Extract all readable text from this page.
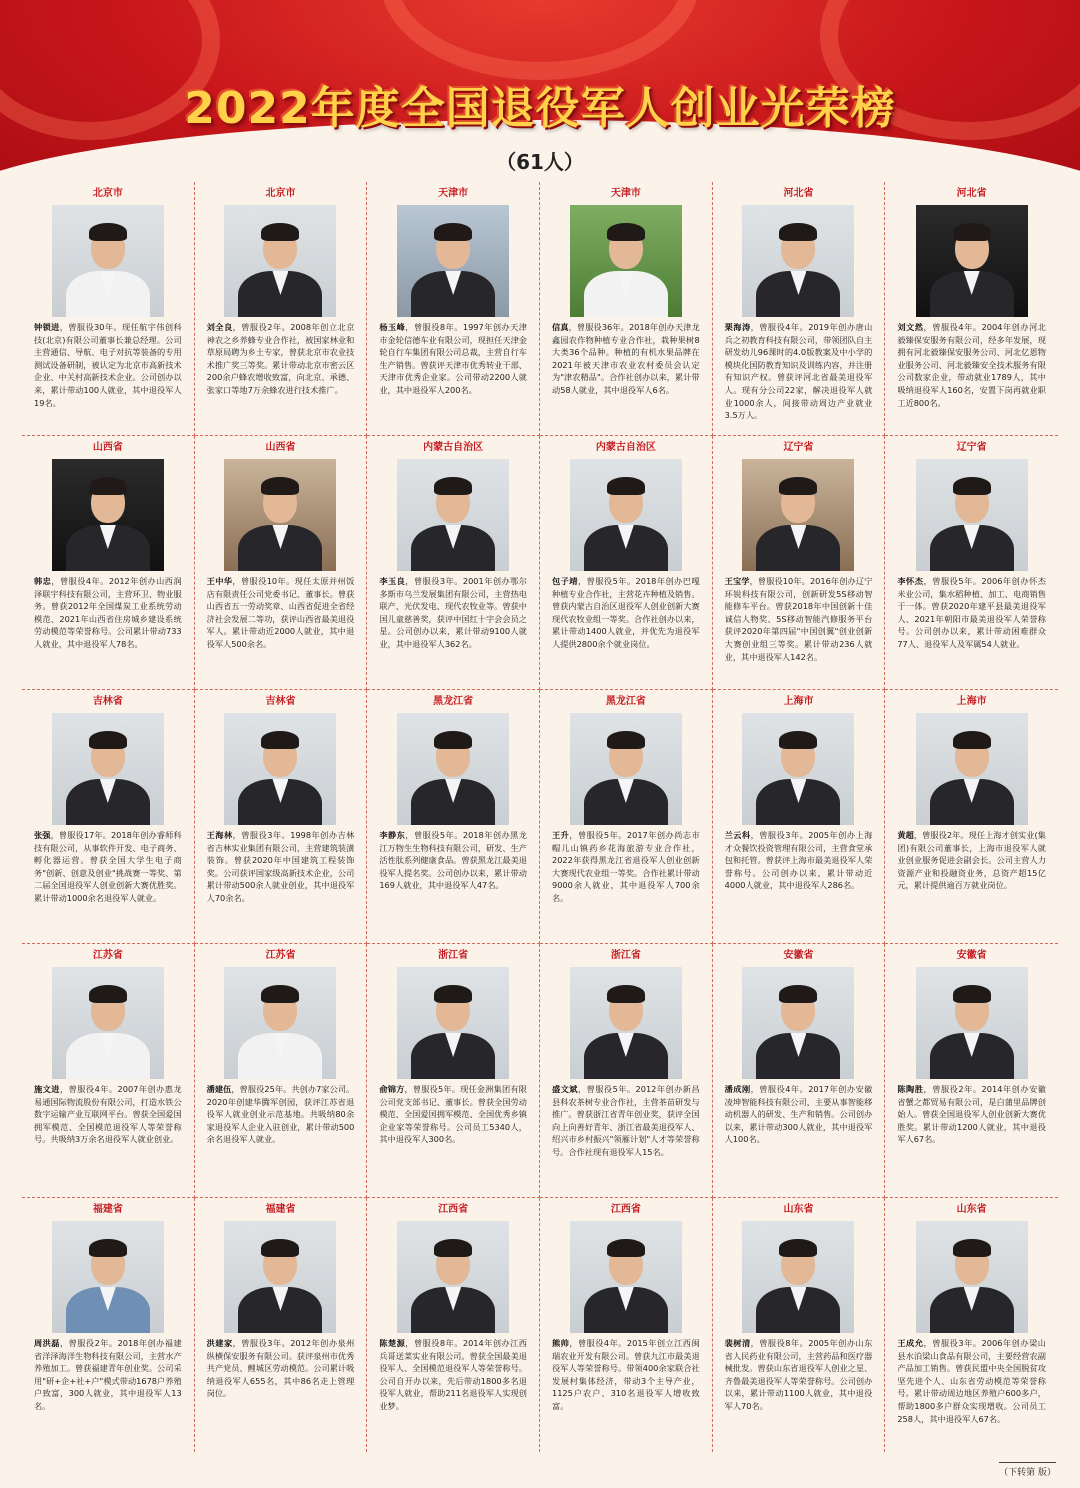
2022年度全国退役军人创业光荣榜
（61人）
北京市
钟锁进，曾服役30年。现任航宇伟创科技(北京)有限公司董事长兼总经理。公司主营通信、导航、电子对抗等装备的专用测试设备研制，被认定为北京市高新技术企业、中关村高新技术企业。公司创办以来，累计带动100人就业，其中退役军人19名。
北京市
刘全良，曾服役2年。2008年创立北京神农之乡养蜂专业合作社，被国家林业和草原局聘为乡土专家，曾获北京市农业技术推广奖三等奖。累计带动北京市密云区200余户蜂农增收致富，向北京、承德、张家口等地7万余蜂农进行技术推广。
天津市
杨玉峰，曾服役8年。1997年创办天津市金轮信德车业有限公司，现担任天津金轮自行车集团有限公司总裁，主营自行车生产销售。曾获评天津市优秀转业干部、天津市优秀企业家。公司带动2200人就业，其中退役军人200名。
天津市
信真，曾服役36年。2018年创办天津龙鑫园农作物种植专业合作社，栽种果树8大类36个品种。种植的有机水果品牌在2021年被天津市农业农村委员会认定为"津农精品"。合作社创办以来，累计带动58人就业，其中退役军人6名。
河北省
栗海涛，曾服役4年。2019年创办唐山兵之初教育科技有限公司，带领团队自主研发幼儿96课时的4.0版教案及中小学的模块化国防教育知识及训练内容，并注册有知识产权。曾获评河北省最美退役军人。现有分公司22家，解决退役军人就业1000余人，间接带动周边产业就业3.5万人。
河北省
刘文然，曾服役4年。2004年创办河北毅臻保安服务有限公司，经多年发展，现拥有河北毅臻保安服务公司、河北亿恩物业服务公司、河北毅臻安全技术服务有限公司数家企业，带动就业1789人，其中吸纳退役军人160名，安置下岗再就业职工近800名。
山西省
韩忠，曾服役4年。2012年创办山西润泽联宇科技有限公司，主营环卫、物业服务。曾获2012年全国煤炭工业系统劳动模范、2021年山西省住房城乡建设系统劳动模范等荣誉称号。公司累计带动733人就业，其中退役军人78名。
山西省
王中华，曾服役10年。现任太原并州饭店有限责任公司党委书记、董事长。曾获山西省五一劳动奖章、山西省促进全省经济社会发展二等功，获评山西省最美退役军人。累计带动近2000人就业，其中退役军人500余名。
内蒙古自治区
李玉良，曾服役3年。2001年创办鄂尔多斯市乌兰发展集团有限公司，主营热电联产、光伏发电、现代农牧业等。曾获中国儿童慈善奖，获评中国红十字会会员之星。公司创办以来，累计带动9100人就业，其中退役军人362名。
内蒙古自治区
包子靖，曾服役5年。2018年创办巴嘎种植专业合作社，主营花卉种植及销售。曾获内蒙古自治区退役军人创业创新大赛现代农牧业组一等奖。合作社创办以来，累计带动1400人就业，并优先为退役军人提供2800余个就业岗位。
辽宁省
王宝学，曾服役10年。2016年创办辽宁环锐科技有限公司，创新研发5S移动智能修车平台。曾获2018年中国创新十佳诚信人物奖、5S移动智能汽修服务平台获评2020年第四届"中国创翼"创业创新大赛创业组三等奖。累计带动236人就业，其中退役军人142名。
辽宁省
李怀杰，曾服役5年。2006年创办怀杰米业公司，集水稻种植、加工、电商销售于一体。曾获2020年建平县最美退役军人、2021年朝阳市最美退役军人荣誉称号。公司创办以来，累计带动困难群众77人、退役军人及军属54人就业。
吉林省
张强，曾服役17年。2018年创办睿师科技有限公司，从事软件开发、电子商务、孵化器运营。曾获全国大学生电子商务"创新、创意及创业"挑战赛一等奖、第二届全国退役军人创业创新大赛优胜奖。累计带动1000余名退役军人就业。
吉林省
王海林，曾服役3年。1998年创办吉林省吉林实业集团有限公司，主营建筑装潢装饰。曾获2020年中国建筑工程装饰奖。公司获评国家级高新技术企业，公司累计带动500余人就业创业，其中退役军人70余名。
黑龙江省
李静东，曾服役5年。2018年创办黑龙江万物生生物科技有限公司，研发、生产活性肽系列健康食品。曾获黑龙江最美退役军人提名奖。公司创办以来，累计带动169人就业，其中退役军人47名。
黑龙江省
王升，曾服役5年。2017年创办尚志市帽儿山镇药乡花海旅游专业合作社，2022年获得黑龙江省退役军人创业创新大赛现代农业组一等奖。合作社累计带动9000余人就业，其中退役军人700余名。
上海市
兰云科，曾服役3年。2005年创办上海才众餐饮投资管理有限公司，主营食堂承包和托管。曾获评上海市最美退役军人荣誉称号。公司创办以来，累计带动近4000人就业，其中退役军人286名。
上海市
黄超，曾服役2年。现任上海才创实业(集团)有限公司董事长，上海市退役军人就业创业服务促进会副会长。公司主营人力资源产业和投融资业务，总资产超15亿元，累计提供逾百万就业岗位。
江苏省
施文进，曾服役4年。2007年创办惠龙易通国际物流股份有限公司，打造水铁公数字运输产业互联网平台。曾获全国爱国拥军模范、全国模范退役军人等荣誉称号。共吸纳3万余名退役军人就业创业。
江苏省
潘建伍，曾服役25年。共创办7家公司。2020年创建华腾军创园，获评江苏省退役军人就业创业示范基地。共吸纳80余家退役军人企业入驻创业，累计带动500余名退役军人就业。
浙江省
俞锦方，曾服役5年。现任金洲集团有限公司党支部书记、董事长。曾获全国劳动模范、全国爱国拥军模范、全国优秀乡镇企业家等荣誉称号。公司员工5340人，其中退役军人300名。
浙江省
盛文斌，曾服役5年。2012年创办新昌县科农茶树专业合作社，主营茶苗研发与推广。曾获浙江省青年创业奖，获评全国向上向善好青年、浙江省最美退役军人、绍兴市乡村振兴"领雁计划"人才等荣誉称号。合作社现有退役军人15名。
安徽省
潘成刚，曾服役4年。2017年创办安徽凌坤智能科技有限公司，主要从事智能移动机器人的研发、生产和销售。公司创办以来，累计带动300人就业，其中退役军人100名。
安徽省
陈陶胜，曾服役2年。2014年创办安徽省蟹之都贸易有限公司，是白蒲里品牌创始人。曾获全国退役军人创业创新大赛优胜奖。累计带动1200人就业，其中退役军人67名。
福建省
周洪磊，曾服役2年。2018年创办福建省洋泽海洋生物科技有限公司，主营水产养殖加工。曾获福建青年创业奖。公司采用"研+企+社+户"模式带动1678户养殖户致富，300人就业，其中退役军人13名。
福建省
洪建家，曾服役3年。2012年创办泉州纵横保安服务有限公司。获评泉州市优秀共产党员、鲤城区劳动模范。公司累计吸纳退役军人655名，其中86名走上管理岗位。
江西省
陈楚源，曾服役8年。2014年创办江西兵哥送菜实业有限公司。曾获全国最美退役军人、全国模范退役军人等荣誉称号。公司自开办以来，先后带动1800多名退役军人就业，帮助211名退役军人实现创业梦。
江西省
熊帅，曾服役4年。2015年创立江西闽瑞农业开发有限公司。曾获九江市最美退役军人等荣誉称号。带领400余家联合社发展村集体经济，带动3个主导产业，1125户农户、310名退役军人增收致富。
山东省
裴树清，曾服役8年。2005年创办山东省人民药业有限公司，主营药品和医疗器械批发。曾获山东省退役军人创业之星、齐鲁最美退役军人等荣誉称号。公司创办以来，累计带动1100人就业，其中退役军人70名。
山东省
王成允，曾服役3年。2006年创办梁山县水泊梁山食品有限公司，主要经营农副产品加工销售。曾获民盟中央全国脱贫攻坚先进个人、山东省劳动模范等荣誉称号。累计带动周边地区养殖户600多户，帮助1800多户群众实现增收。公司员工258人，其中退役军人67名。
（下转第 版）
